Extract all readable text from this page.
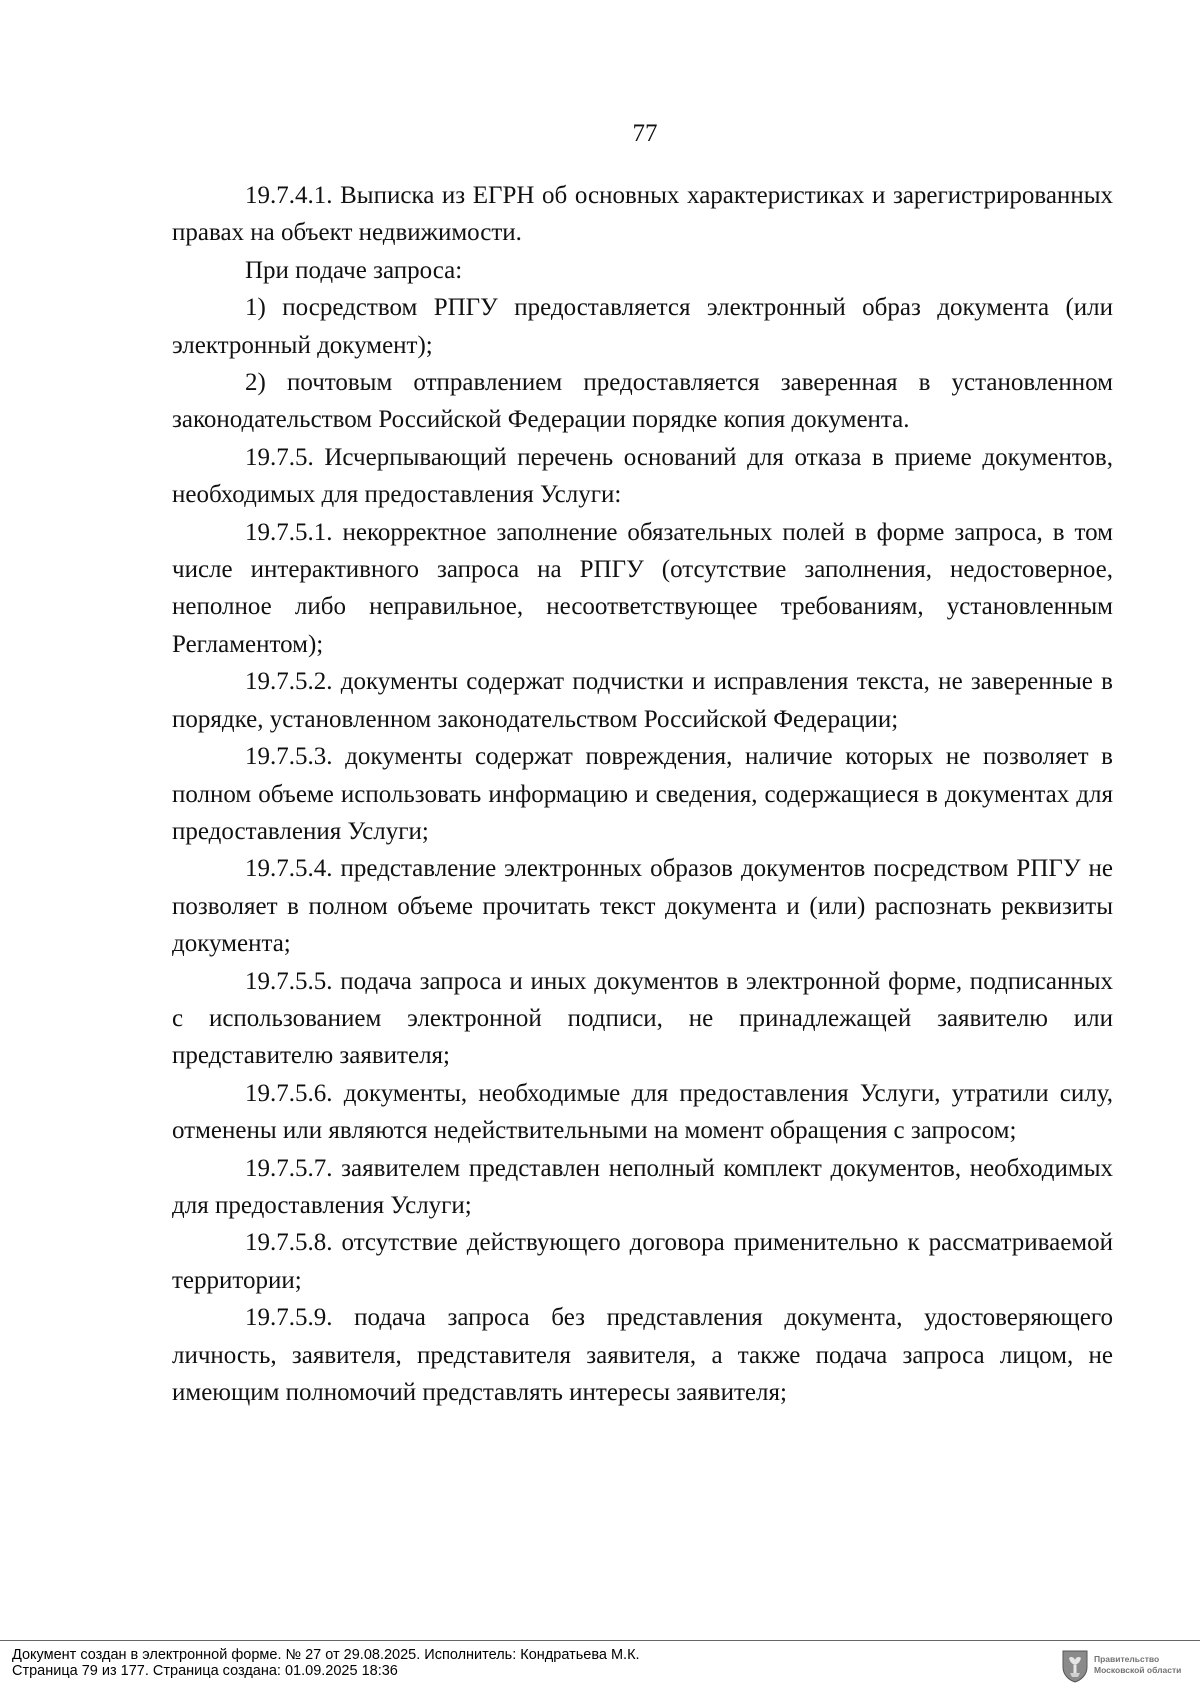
77

19.7.4.1. Выписка из ЕГРН об основных характеристиках и зарегистрированных правах на объект недвижимости.

При подаче запроса:

1) посредством РПГУ предоставляется электронный образ документа (или электронный документ);

2) почтовым отправлением предоставляется заверенная в установленном законодательством Российской Федерации порядке копия документа.

19.7.5. Исчерпывающий перечень оснований для отказа в приеме документов, необходимых для предоставления Услуги:

19.7.5.1. некорректное заполнение обязательных полей в форме запроса, в том числе интерактивного запроса на РПГУ (отсутствие заполнения, недостоверное, неполное либо неправильное, несоответствующее требованиям, установленным Регламентом);

19.7.5.2. документы содержат подчистки и исправления текста, не заверенные в порядке, установленном законодательством Российской Федерации;

19.7.5.3. документы содержат повреждения, наличие которых не позволяет в полном объеме использовать информацию и сведения, содержащиеся в документах для предоставления Услуги;

19.7.5.4. представление электронных образов документов посредством РПГУ не позволяет в полном объеме прочитать текст документа и (или) распознать реквизиты документа;

19.7.5.5. подача запроса и иных документов в электронной форме, подписанных с использованием электронной подписи, не принадлежащей заявителю или представителю заявителя;

19.7.5.6. документы, необходимые для предоставления Услуги, утратили силу, отменены или являются недействительными на момент обращения с запросом;

19.7.5.7. заявителем представлен неполный комплект документов, необходимых для предоставления Услуги;

19.7.5.8. отсутствие действующего договора применительно к рассматриваемой территории;

19.7.5.9. подача запроса без представления документа, удостоверяющего личность, заявителя, представителя заявителя, а также подача запроса лицом, не имеющим полномочий представлять интересы заявителя;

Документ создан в электронной форме. № 27 от 29.08.2025. Исполнитель: Кондратьева М.К.
Страница 79 из 177. Страница создана: 01.09.2025 18:36
Правительство
Московской области
